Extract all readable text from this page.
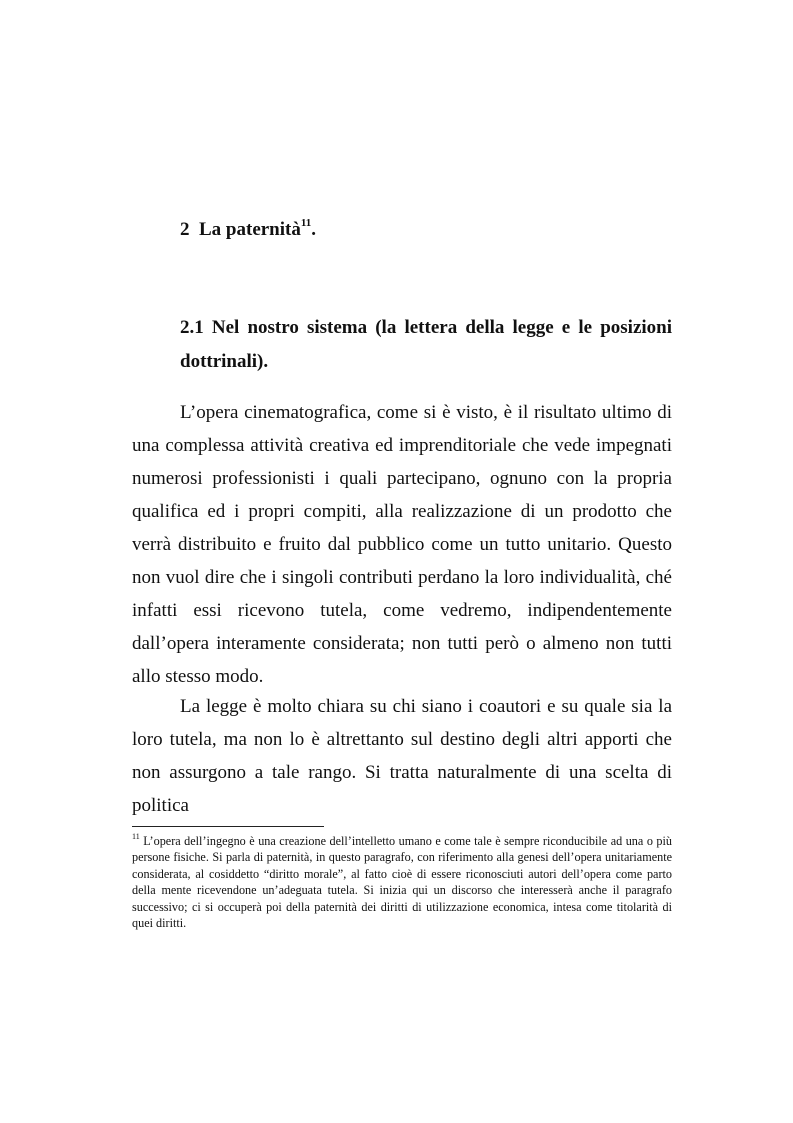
2 La paternità$^{11}$.
2.1 Nel nostro sistema (la lettera della legge e le posizioni dottrinali).

L’opera cinematografica, come si è visto, è il risultato ultimo di una complessa attività creativa ed imprenditoriale che vede impegnati numerosi professionisti i quali partecipano, ognuno con la propria qualifica ed i propri compiti, alla realizzazione di un prodotto che verrà distribuito e fruito dal pubblico come un tutto unitario. Questo non vuol dire che i singoli contributi perdano la loro individualità, ché infatti essi ricevono tutela, come vedremo, indipendentemente dall’opera interamente considerata; non tutti però o almeno non tutti allo stesso modo.

La legge è molto chiara su chi siano i coautori e su quale sia la loro tutela, ma non lo è altrettanto sul destino degli altri apporti che non assurgono a tale rango. Si tratta naturalmente di una scelta di politica

$^{11}$ L’opera dell’ingegno è una creazione dell’intelletto umano e come tale è sempre riconducibile ad una o più persone fisiche. Si parla di paternità, in questo paragrafo, con riferimento alla genesi dell’opera unitariamente considerata, al cosiddetto “diritto morale”, al fatto cioè di essere riconosciuti autori dell’opera come parto della mente ricevendone un’adeguata tutela. Si inizia qui un discorso che interesserà anche il paragrafo successivo; ci si occuperà poi della paternità dei diritti di utilizzazione economica, intesa come titolarità di quei diritti.
